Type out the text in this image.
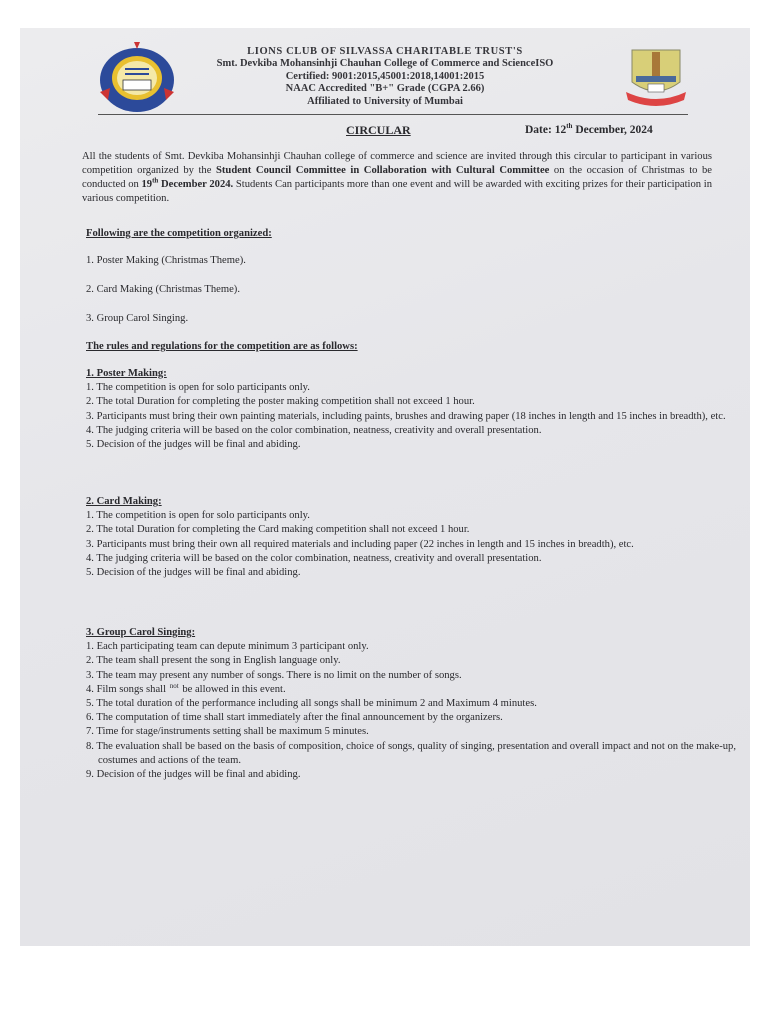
LIONS CLUB OF SILVASSA CHARITABLE TRUST'S
Smt. Devkiba Mohansinhji Chauhan College of Commerce and ScienceISO
Certified: 9001:2015,45001:2018,14001:2015
NAAC Accredited "B+" Grade (CGPA 2.66)
Affiliated to University of Mumbai
CIRCULAR	Date: 12th December, 2024
All the students of Smt. Devkiba Mohansinhji Chauhan college of commerce and science are invited through this circular to participant in various competition organized by the Student Council Committee in Collaboration with Cultural Committee on the occasion of Christmas to be conducted on 19th December 2024. Students Can participants more than one event and will be awarded with exciting prizes for their participation in various competition.
Following are the competition organized:
1. Poster Making (Christmas Theme).
2. Card Making (Christmas Theme).
3. Group Carol Singing.
The rules and regulations for the competition are as follows:
1. Poster Making:
1. The competition is open for solo participants only.
2. The total Duration for completing the poster making competition shall not exceed 1 hour.
3. Participants must bring their own painting materials, including paints, brushes and drawing paper (18 inches in length and 15 inches in breadth), etc.
4. The judging criteria will be based on the color combination, neatness, creativity and overall presentation.
5. Decision of the judges will be final and abiding.
2. Card Making:
1. The competition is open for solo participants only.
2. The total Duration for completing the Card making competition shall not exceed 1 hour.
3. Participants must bring their own all required materials and including paper (22 inches in length and 15 inches in breadth), etc.
4. The judging criteria will be based on the color combination, neatness, creativity and overall presentation.
5. Decision of the judges will be final and abiding.
3. Group Carol Singing:
1. Each participating team can depute minimum 3 participant only.
2. The team shall present the song in English language only.
3. The team may present any number of songs. There is no limit on the number of songs.
4. Film songs shall $^{not}$ be allowed in this event.
5. The total duration of the performance including all songs shall be minimum 2 and Maximum 4 minutes.
6. The computation of time shall start immediately after the final announcement by the organizers.
7. Time for stage/instruments setting shall be maximum 5 minutes.
8. The evaluation shall be based on the basis of composition, choice of songs, quality of singing, presentation and overall impact and not on the make-up, costumes and actions of the team.
9. Decision of the judges will be final and abiding.
